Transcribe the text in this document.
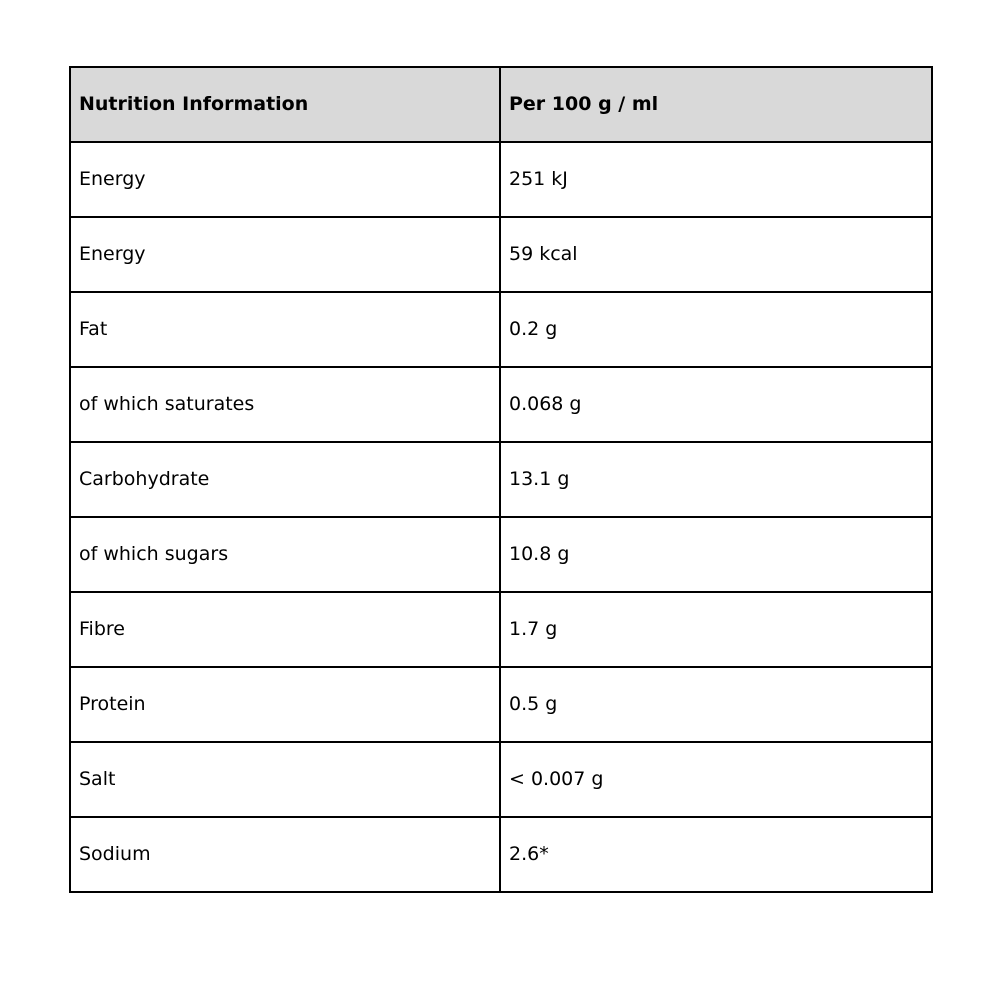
Nutrition Information	Per 100 g / ml
Energy	251 kJ
Energy	59 kcal
Fat	0.2 g
of which saturates	0.068 g
Carbohydrate	13.1 g
of which sugars	10.8 g
Fibre	1.7 g
Protein	0.5 g
Salt	< 0.007 g
Sodium	2.6*
